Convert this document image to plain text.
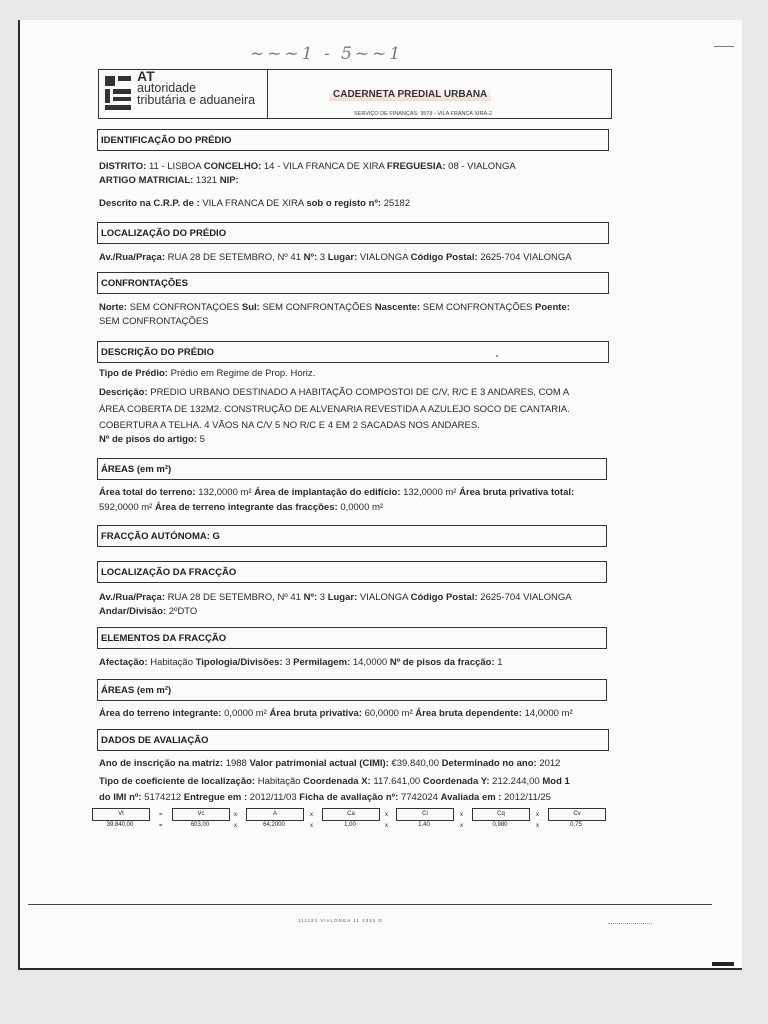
~~~1 - 5~~1
AT
autoridade
tributária e aduaneira	CADERNETA PREDIAL URBANA
SERVIÇO DE FINANÇAS: 3573 - VILA FRANCA XIRA-2
IDENTIFICAÇÃO DO PRÉDIO
DISTRITO: 11 - LISBOA CONCELHO: 14 - VILA FRANCA DE XIRA FREGUESIA: 08 - VIALONGA
ARTIGO MATRICIAL: 1321 NIP:
Descrito na C.R.P. de : VILA FRANCA DE XIRA sob o registo nº: 25182
LOCALIZAÇÃO DO PRÉDIO
Av./Rua/Praça: RUA 28 DE SETEMBRO, Nº 41 Nº: 3 Lugar: VIALONGA Código Postal: 2625-704 VIALONGA
CONFRONTAÇÕES
Norte: SEM CONFRONTAÇOES Sul: SEM CONFRONTAÇÕES Nascente: SEM CONFRONTAÇÕES Poente:
SEM CONFRONTAÇÕES
DESCRIÇÃO DO PRÉDIO
Tipo de Prédio: Prédio em Regime de Prop. Horiz.
Descrição: PREDIO URBANO DESTINADO A HABITAÇÃO COMPOSTOI DE C/V, R/C E 3 ANDARES, COM A
ÁREA COBERTA DE 132M2. CONSTRUÇÃO DE ALVENARIA REVESTIDA A AZULEJO SOCO DE CANTARIA.
COBERTURA A TELHA. 4 VÃOS NA C/V 5 NO R/C E 4 EM 2 SACADAS NOS ANDARES.
Nº de pisos do artigo: 5
ÁREAS (em m²)
Área total do terreno: 132,0000 m² Área de implantação do edifício: 132,0000 m² Área bruta privativa total:
592,0000 m² Área de terreno integrante das fracções: 0,0000 m²
FRACÇÃO AUTÓNOMA: G
LOCALIZAÇÃO DA FRACÇÃO
Av./Rua/Praça: RUA 28 DE SETEMBRO, Nº 41 Nº: 3 Lugar: VIALONGA Código Postal: 2625-704 VIALONGA
Andar/Divisão: 2ºDTO
ELEMENTOS DA FRACÇÃO
Afectação: Habitação Tipologia/Divisões: 3 Permilagem: 14,0000 Nº de pisos da fracção: 1
ÁREAS (em m²)
Área do terreno integrante: 0,0000 m² Área bruta privativa: 60,0000 m² Área bruta dependente: 14,0000 m²
DADOS DE AVALIAÇÃO
Ano de inscrição na matriz: 1988 Valor patrimonial actual (CIMI): €39.840,00 Determinado no ano: 2012
Tipo de coeficiente de localização: Habitação Coordenada X: 117.641,00 Coordenada Y: 212.244,00 Mod 1
do IMI nº: 5174212 Entregue em : 2012/11/03 Ficha de avaliação nº: 7742024 Avaliada em : 2012/11/25
Vt
39.840,00
=
=
Vc
603,00
x
x
A
64,2000
x
x
Ca
1,00
x
x
Cl
1,40
x
x
Cq
0,980
x
x
Cv
0,75
111122 VIALONGA 11 1321 G
